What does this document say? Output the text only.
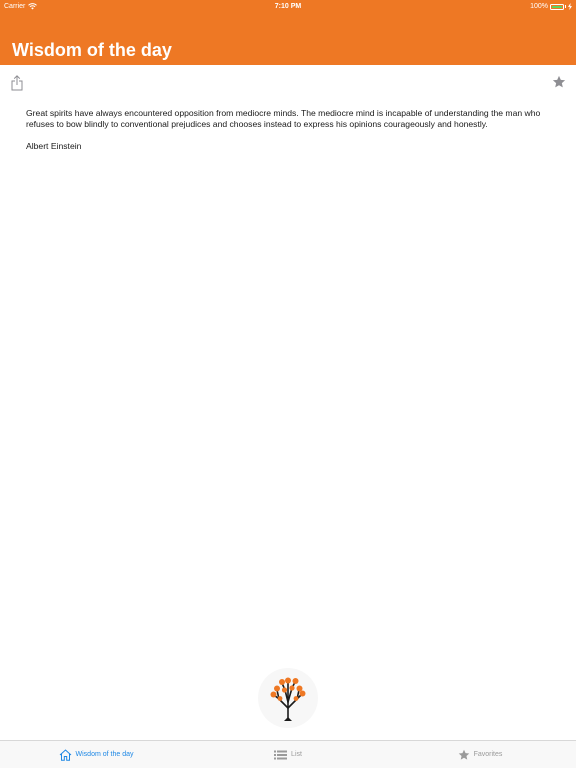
Carrier	7:10 PM	100%
Wisdom of the day

Great spirits have always encountered opposition from mediocre minds. The mediocre mind is incapable of understanding the man who refuses to bow blindly to conventional prejudices and chooses instead to express his opinions courageously and honestly.

Albert Einstein

Wisdom of the day	List	Favorites
